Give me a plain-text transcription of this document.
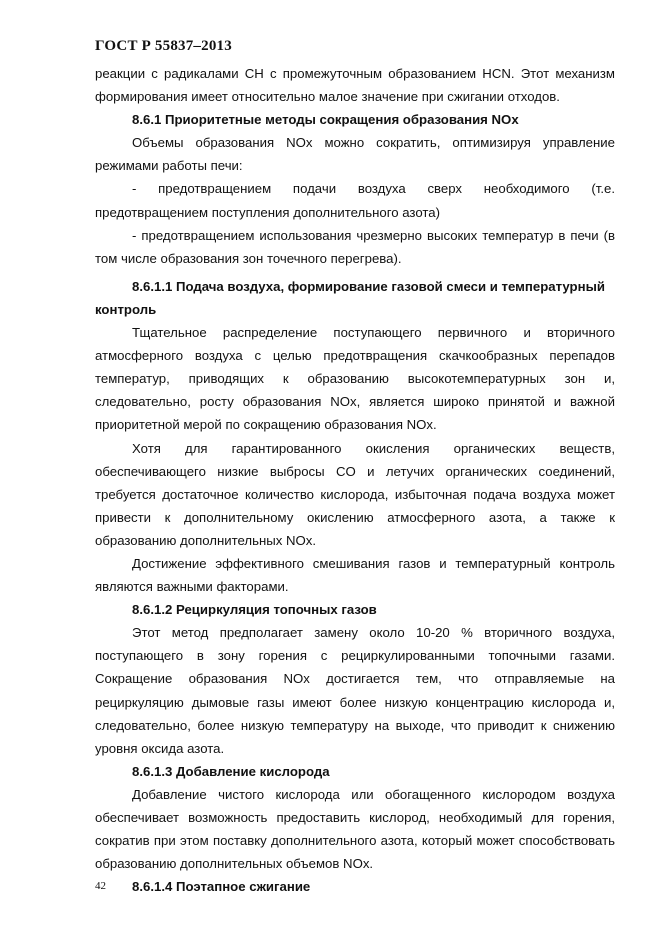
ГОСТ Р 55837–2013

реакции с радикалами CH с промежуточным образованием HCN. Этот механизм формирования имеет относительно малое значение при сжигании отходов.

8.6.1 Приоритетные методы сокращения образования NOx

Объемы образования NOx можно сократить, оптимизируя управление режимами работы печи:

- предотвращением подачи воздуха сверх необходимого (т.е. предотвращением поступления дополнительного азота)

- предотвращением использования чрезмерно высоких температур в печи (в том числе образования зон точечного перегрева).

8.6.1.1 Подача воздуха, формирование газовой смеси и температурный контроль

Тщательное распределение поступающего первичного и вторичного атмосферного воздуха с целью предотвращения скачкообразных перепадов температур, приводящих к образованию высокотемпературных зон и, следовательно, росту образования NOx, является широко принятой и важной приоритетной мерой по сокращению образования NOx.

Хотя для гарантированного окисления органических веществ, обеспечивающего низкие выбросы CO и летучих органических соединений, требуется достаточное количество кислорода, избыточная подача воздуха может привести к дополнительному окислению атмосферного азота, а также к образованию дополнительных NOx.

Достижение эффективного смешивания газов и температурный контроль являются важными факторами.

8.6.1.2 Рециркуляция топочных газов

Этот метод предполагает замену около 10-20 % вторичного воздуха, поступающего в зону горения с рециркулированными топочными газами. Сокращение образования NOx достигается тем, что отправляемые на рециркуляцию дымовые газы имеют более низкую концентрацию кислорода и, следовательно, более низкую температуру на выходе, что приводит к снижению уровня оксида азота.

8.6.1.3 Добавление кислорода

Добавление чистого кислорода или обогащенного кислородом воздуха обеспечивает возможность предоставить кислород, необходимый для горения, сократив при этом поставку дополнительного азота, который может способствовать образованию дополнительных объемов NOx.

8.6.1.4 Поэтапное сжигание

42
